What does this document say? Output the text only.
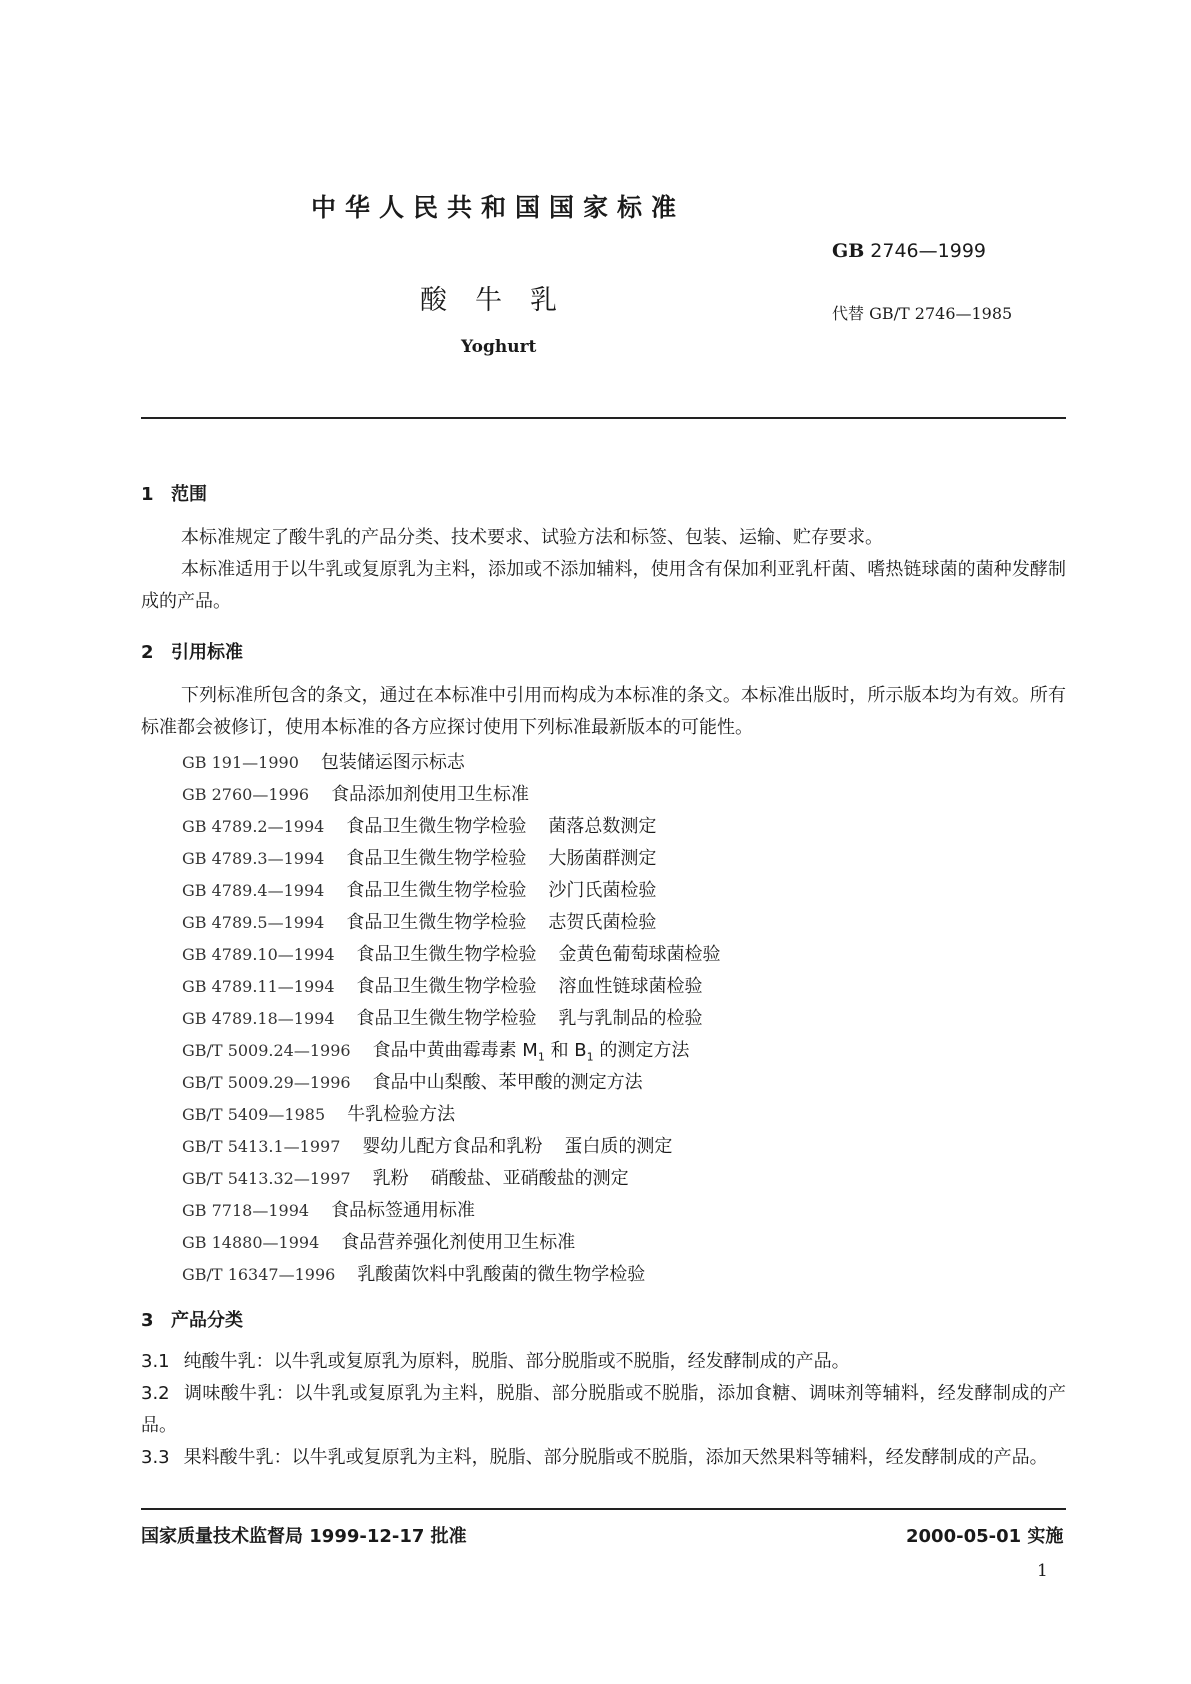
中华人民共和国国家标准
GB 2746—1999
酸牛乳	代替 GB/T 2746—1985
Yoghurt
1 范围
本标准规定了酸牛乳的产品分类、技术要求、试验方法和标签、包装、运输、贮存要求。
本标准适用于以牛乳或复原乳为主料，添加或不添加辅料，使用含有保加利亚乳杆菌、嗜热链球菌的菌种发酵制成的产品。
2 引用标准
下列标准所包含的条文，通过在本标准中引用而构成为本标准的条文。本标准出版时，所示版本均为有效。所有标准都会被修订，使用本标准的各方应探讨使用下列标准最新版本的可能性。
GB 191—1990 包装储运图示标志
GB 2760—1996 食品添加剂使用卫生标准
GB 4789.2—1994 食品卫生微生物学检验 菌落总数测定
GB 4789.3—1994 食品卫生微生物学检验 大肠菌群测定
GB 4789.4—1994 食品卫生微生物学检验 沙门氏菌检验
GB 4789.5—1994 食品卫生微生物学检验 志贺氏菌检验
GB 4789.10—1994 食品卫生微生物学检验 金黄色葡萄球菌检验
GB 4789.11—1994 食品卫生微生物学检验 溶血性链球菌检验
GB 4789.18—1994 食品卫生微生物学检验 乳与乳制品的检验
GB/T 5009.24—1996 食品中黄曲霉毒素 $M_1$ 和 $B_1$ 的测定方法
GB/T 5009.29—1996 食品中山梨酸、苯甲酸的测定方法
GB/T 5409—1985 牛乳检验方法
GB/T 5413.1—1997 婴幼儿配方食品和乳粉 蛋白质的测定
GB/T 5413.32—1997 乳粉 硝酸盐、亚硝酸盐的测定
GB 7718—1994 食品标签通用标准
GB 14880—1994 食品营养强化剂使用卫生标准
GB/T 16347—1996 乳酸菌饮料中乳酸菌的微生物学检验
3 产品分类
3.1 纯酸牛乳：以牛乳或复原乳为原料，脱脂、部分脱脂或不脱脂，经发酵制成的产品。
3.2 调味酸牛乳：以牛乳或复原乳为主料，脱脂、部分脱脂或不脱脂，添加食糖、调味剂等辅料，经发酵制成的产品。
3.3 果料酸牛乳：以牛乳或复原乳为主料，脱脂、部分脱脂或不脱脂，添加天然果料等辅料，经发酵制成的产品。
国家质量技术监督局 1999-12-17 批准	2000-05-01 实施
1
